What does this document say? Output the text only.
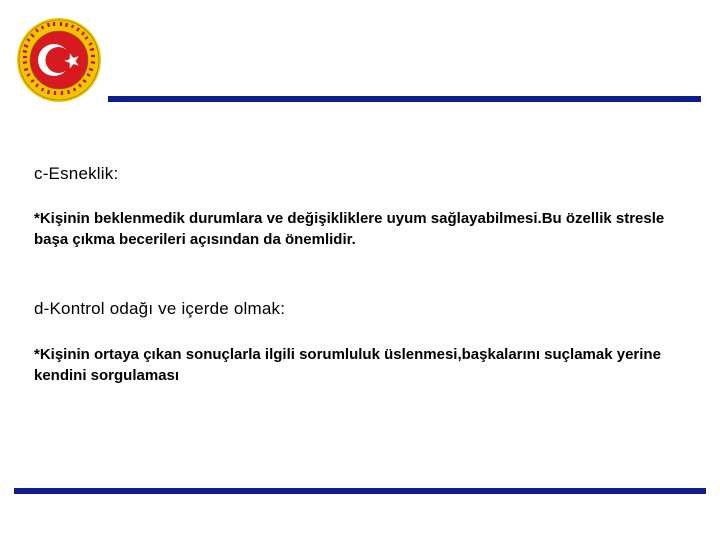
c-Esneklik:

*Kişinin beklenmedik durumlara ve değişikliklere uyum sağlayabilmesi.Bu özellik stresle başa çıkma becerileri açısından da önemlidir.

d-Kontrol odağı ve içerde olmak:

*Kişinin ortaya çıkan sonuçlarla ilgili sorumluluk üslenmesi,başkalarını suçlamak yerine kendini sorgulaması
